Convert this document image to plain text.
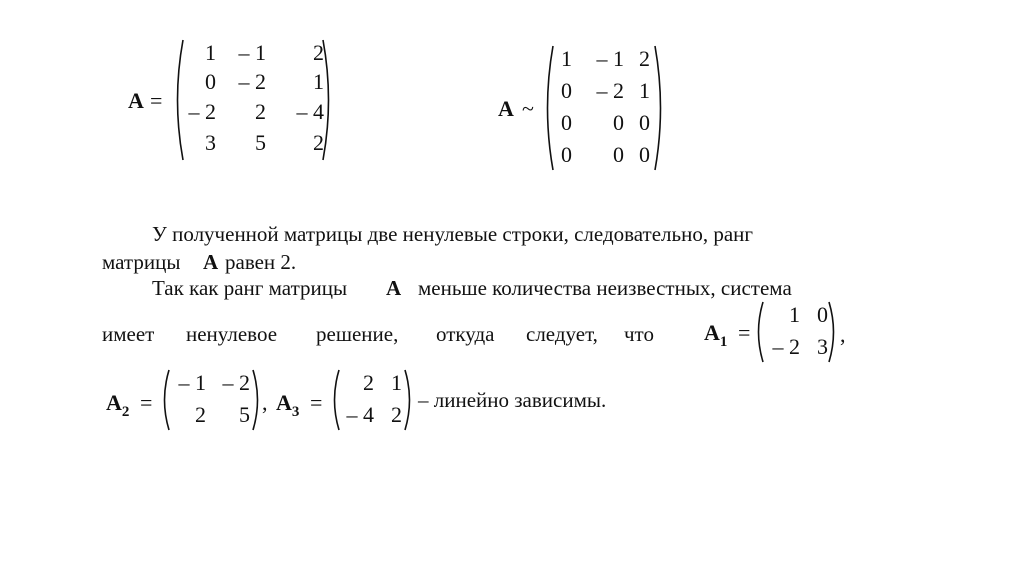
A =
1	– 1	2
0	– 2	1
– 2	2	– 4
3	5	2
A ~
1	– 1 2
0	– 2 1
0	0 0
0	0 0
У полученной матрицы две ненулевые строки, следовательно, ранг
матрицы A равен 2.
Так как ранг матрицы A меньше количества неизвестных, система
имеет ненулевое решение, откуда следует, что $A_1$ =
1 0
– 2 3 ,
$A_2$ =
– 1 – 2
2	5 , $A_3$ =
2 1
– 4 2
– линейно зависимы.
